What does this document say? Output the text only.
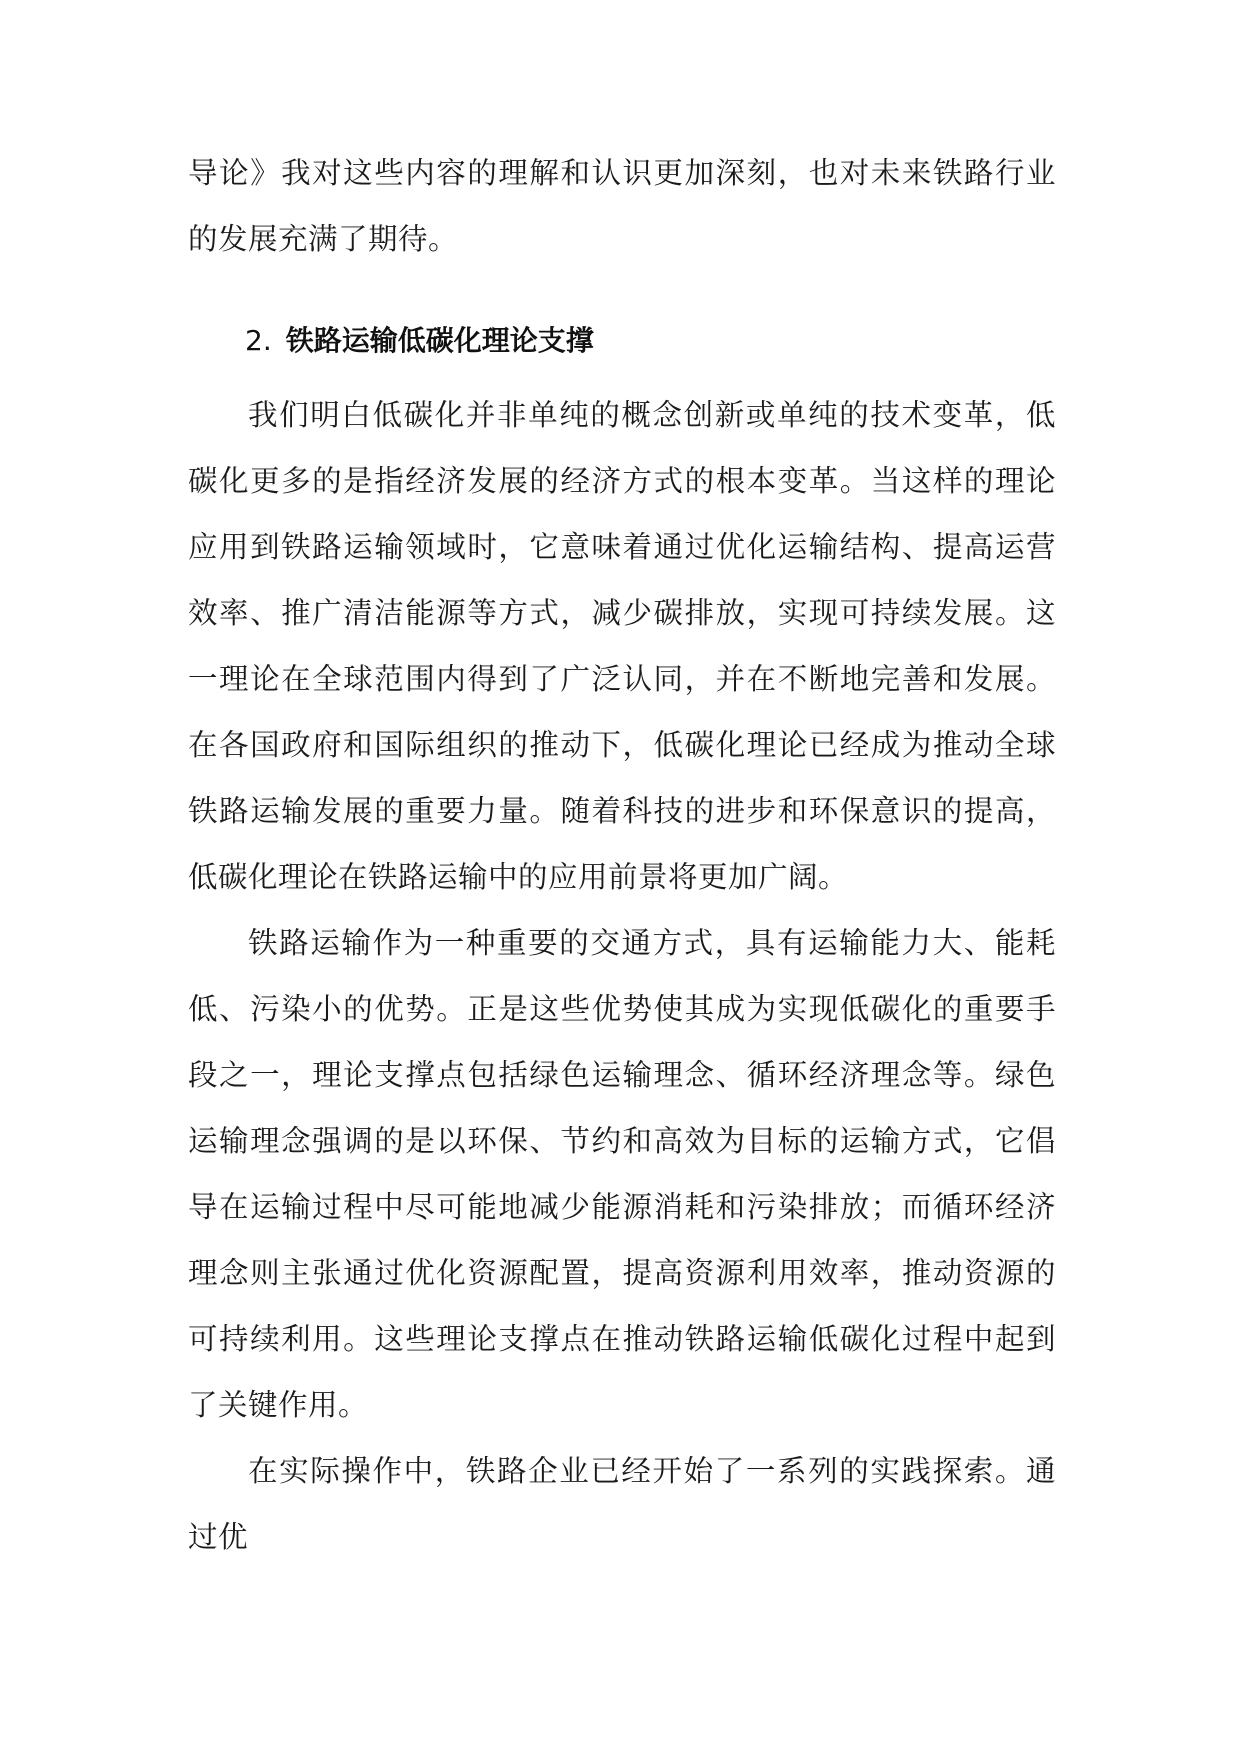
导论》我对这些内容的理解和认识更加深刻，也对未来铁路行业的发展充满了期待。

2. 铁路运输低碳化理论支撑

我们明白低碳化并非单纯的概念创新或单纯的技术变革，低碳化更多的是指经济发展的经济方式的根本变革。当这样的理论应用到铁路运输领域时，它意味着通过优化运输结构、提高运营效率、推广清洁能源等方式，减少碳排放，实现可持续发展。这一理论在全球范围内得到了广泛认同，并在不断地完善和发展。在各国政府和国际组织的推动下，低碳化理论已经成为推动全球铁路运输发展的重要力量。随着科技的进步和环保意识的提高，低碳化理论在铁路运输中的应用前景将更加广阔。

铁路运输作为一种重要的交通方式，具有运输能力大、能耗低、污染小的优势。正是这些优势使其成为实现低碳化的重要手段之一，理论支撑点包括绿色运输理念、循环经济理念等。绿色运输理念强调的是以环保、节约和高效为目标的运输方式，它倡导在运输过程中尽可能地减少能源消耗和污染排放；而循环经济理念则主张通过优化资源配置，提高资源利用效率，推动资源的可持续利用。这些理论支撑点在推动铁路运输低碳化过程中起到了关键作用。

在实际操作中，铁路企业已经开始了一系列的实践探索。通过优
